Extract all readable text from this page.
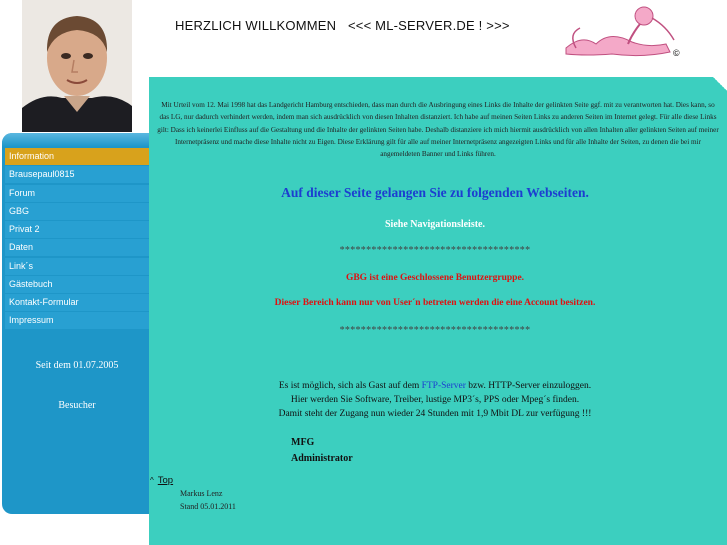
HERZLICH WILLKOMMEN <<< ML-SERVER.DE ! >>>
©
Information
Brausepaul0815
Forum
GBG
Privat 2
Daten
Link´s
Gästebuch
Kontakt-Formular
Impressum
Seit dem 01.07.2005
Besucher
Mit Urteil vom 12. Mai 1998 hat das Landgericht Hamburg entschieden, dass man durch die Ausbringung eines Links die Inhalte der gelinkten Seite ggf. mit zu verantworten hat. Dies kann, so das LG, nur dadurch verhindert werden, indem man sich ausdrücklich von diesen Inhalten distanziert. Ich habe auf meinen Seiten Links zu anderen Seiten im Internet gelegt. Für alle diese Links gilt: Dass ich keinerlei Einfluss auf die Gestaltung und die Inhalte der gelinkten Seiten habe. Deshalb distanziere ich mich hiermit ausdrücklich von allen Inhalten aller gelinkten Seiten auf meiner Internetpräsenz und mache diese Inhalte nicht zu Eigen. Diese Erklärung gilt für alle auf meiner Internetpräsenz angezeigten Links und für alle Inhalte der Seiten, zu denen die bei mir angemeldeten Banner und Links führen.
Auf dieser Seite gelangen Sie zu folgenden Webseiten.
Siehe Navigationsleiste.
************************************
GBG ist eine Geschlossene Benutzergruppe.
Dieser Bereich kann nur von User´n betreten werden die eine Account besitzen.
************************************
Es ist möglich, sich als Gast auf dem FTP-Server bzw. HTTP-Server einzuloggen.
Hier werden Sie Software, Treiber, lustige MP3´s, PPS oder Mpeg´s finden.
Damit steht der Zugang nun wieder 24 Stunden mit 1,9 Mbit DL zur verfügung !!!
MFG
Administrator
^ Top
Markus Lenz
Stand 05.01.2011
